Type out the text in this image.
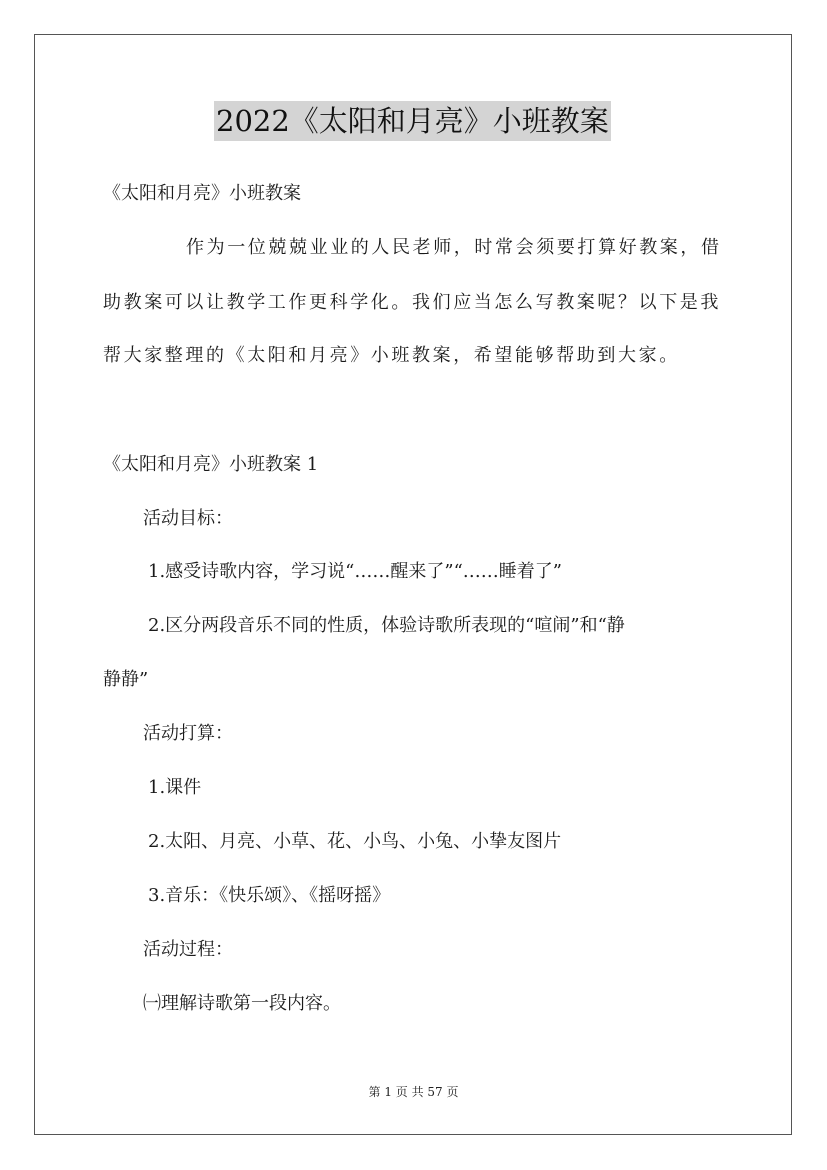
2022《太阳和月亮》小班教案
《太阳和月亮》小班教案
作为一位兢兢业业的人民老师，时常会须要打算好教案，借
助教案可以让教学工作更科学化。我们应当怎么写教案呢？以下是我
帮大家整理的《太阳和月亮》小班教案，希望能够帮助到大家。
《太阳和月亮》小班教案 1
活动目标：
1.感受诗歌内容，学习说“……醒来了”“……睡着了”
2.区分两段音乐不同的性质，体验诗歌所表现的“喧闹”和“静
静静”
活动打算：
1.课件
2.太阳、月亮、小草、花、小鸟、小兔、小挚友图片
3.音乐：《快乐颂》、《摇呀摇》
活动过程：
㈠理解诗歌第一段内容。
第 1 页 共 57 页
